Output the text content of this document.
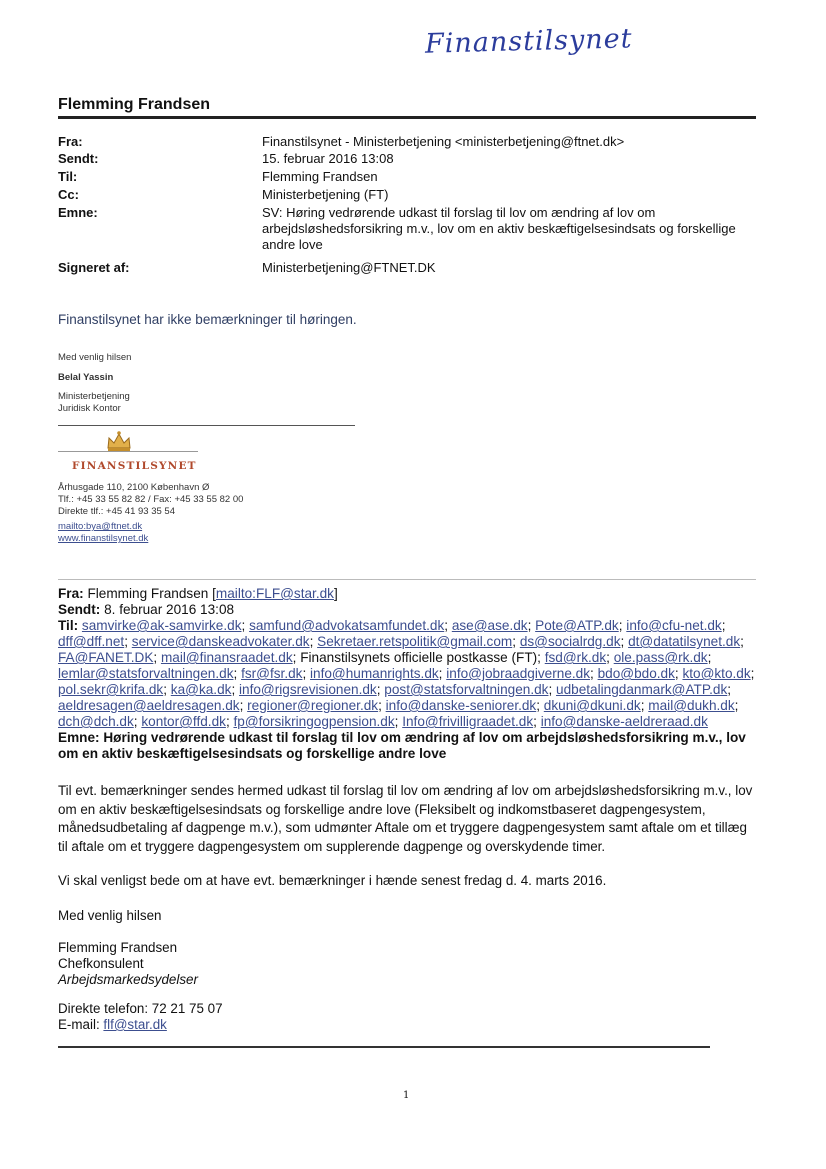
Finanstilsynet
Flemming Frandsen
Fra:	Finanstilsynet - Ministerbetjening <ministerbetjening@ftnet.dk>
Sendt:	15. februar 2016 13:08
Til:	Flemming Frandsen
Cc:	Ministerbetjening (FT)
Emne:	SV: Høring vedrørende udkast til forslag til lov om ændring af lov om arbejdsløshedsforsikring m.v., lov om en aktiv beskæftigelsesindsats og forskellige andre love
Signeret af:	Ministerbetjening@FTNET.DK
Finanstilsynet har ikke bemærkninger til høringen.
Med venlig hilsen
Belal Yassin
Ministerbetjening
Juridisk Kontor
FINANSTILSYNET
Århusgade 110, 2100 København Ø
Tlf.: +45 33 55 82 82 / Fax: +45 33 55 82 00
Direkte tlf.: +45 41 93 35 54
mailto:bya@ftnet.dk
www.finanstilsynet.dk
Fra: Flemming Frandsen [mailto:FLF@star.dk]
Sendt: 8. februar 2016 13:08
Til: samvirke@ak-samvirke.dk; samfund@advokatsamfundet.dk; ase@ase.dk; Pote@ATP.dk; info@cfu-net.dk; dff@dff.net; service@danskeadvokater.dk; Sekretaer.retspolitik@gmail.com; ds@socialrdg.dk; dt@datatilsynet.dk; FA@FANET.DK; mail@finansraadet.dk; Finanstilsynets officielle postkasse (FT); fsd@rk.dk; ole.pass@rk.dk; lemlar@statsforvaltningen.dk; fsr@fsr.dk; info@humanrights.dk; info@jobraadgiverne.dk; bdo@bdo.dk; kto@kto.dk; pol.sekr@krifa.dk; ka@ka.dk; info@rigsrevisionen.dk; post@statsforvaltningen.dk; udbetalingdanmark@ATP.dk; aeldresagen@aeldresagen.dk; regioner@regioner.dk; info@danske-seniorer.dk; dkuni@dkuni.dk; mail@dukh.dk; dch@dch.dk; kontor@ffd.dk; fp@forsikringogpension.dk; Info@frivilligraadet.dk; info@danske-aeldreraad.dk
Emne: Høring vedrørende udkast til forslag til lov om ændring af lov om arbejdsløshedsforsikring m.v., lov om en aktiv beskæftigelsesindsats og forskellige andre love
Til evt. bemærkninger sendes hermed udkast til forslag til lov om ændring af lov om arbejdsløshedsforsikring m.v., lov om en aktiv beskæftigelsesindsats og forskellige andre love (Fleksibelt og indkomstbaseret dagpengesystem, månedsudbetaling af dagpenge m.v.), som udmønter Aftale om et tryggere dagpengesystem samt aftale om et tillæg til aftale om et tryggere dagpengesystem om supplerende dagpenge og overskydende timer.
Vi skal venligst bede om at have evt. bemærkninger i hænde senest fredag d. 4. marts 2016.
Med venlig hilsen
Flemming Frandsen
Chefkonsulent
Arbejdsmarkedsydelser
Direkte telefon: 72 21 75 07
E-mail: flf@star.dk
1
